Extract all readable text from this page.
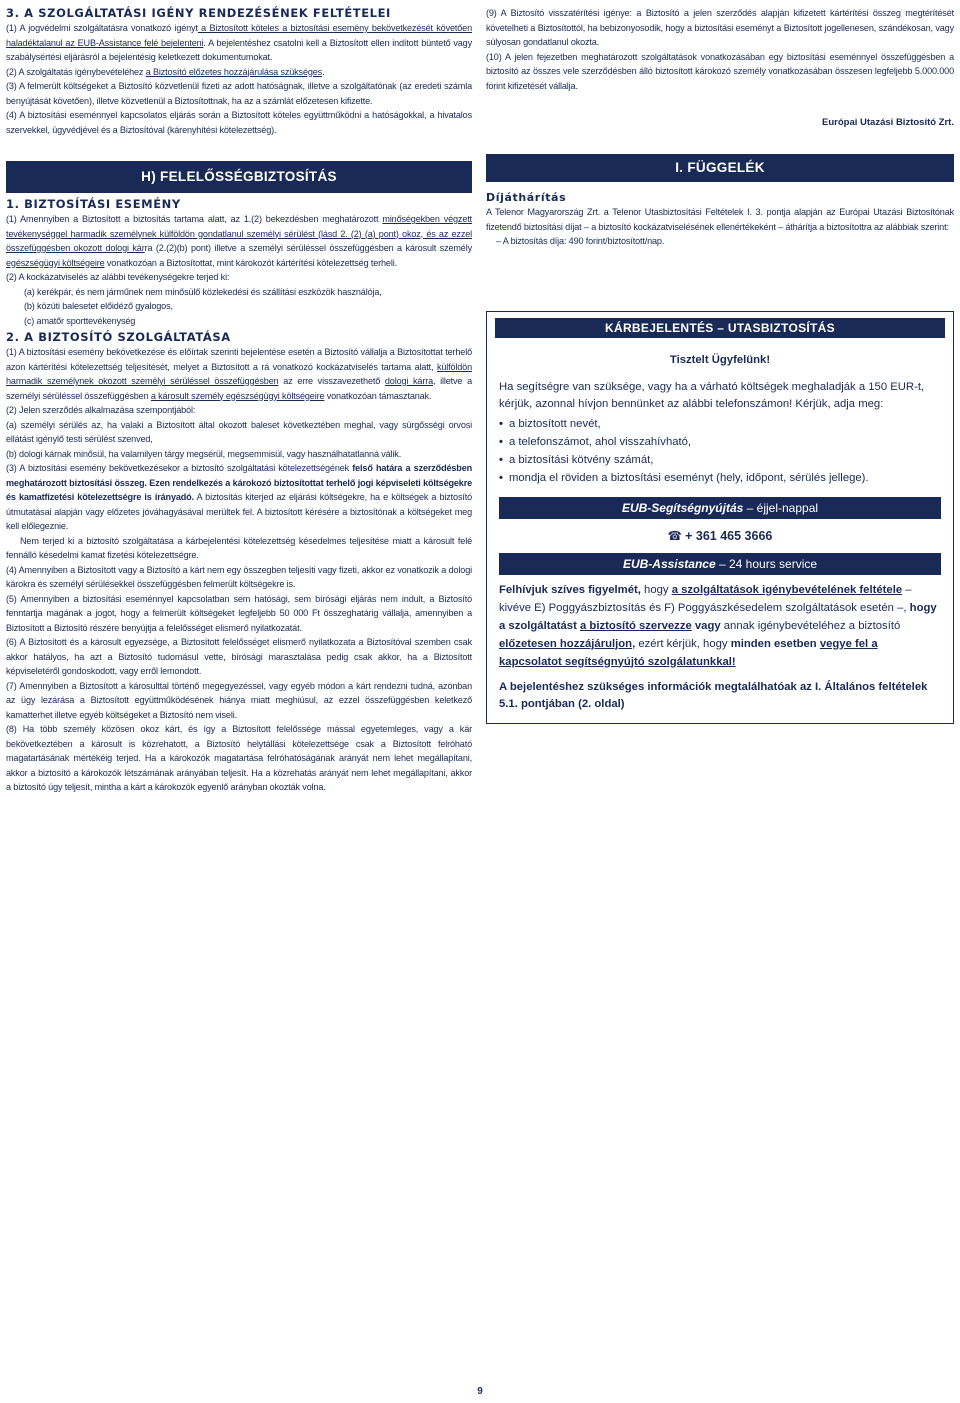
3. A SZOLGÁLTATÁSI IGÉNY RENDEZÉSÉNEK FELTÉTELEI

(1) A jogvédelmi szolgáltatásra vonatkozó igényt a Biztosított köteles a biztosítási esemény bekövetkezését követően haladéktalanul az EUB-Assistance felé bejelenteni. A bejelentéshez csatolni kell a Biztosított ellen indított büntető vagy szabálysértési eljárásról a bejelentésig keletkezett dokumentumokat.

(2) A szolgáltatás igénybevételéhez a Biztosító előzetes hozzájárulása szükséges.

(3) A felmerült költségeket a Biztosító közvetlenül fizeti az adott hatóságnak, illetve a szolgáltatónak (az eredeti számla benyújtását követően), illetve közvetlenül a Biztosítottnak, ha az a számlát előzetesen kifizette.

(4) A biztosítási eseménnyel kapcsolatos eljárás során a Biztosított köteles együttműködni a hatóságokkal, a hivatalos szervekkel, ügyvédjével és a Biztosítóval (kárenyhítési kötelezettség).

H) FELELŐSSÉGBIZTOSÍTÁS
1. BIZTOSÍTÁSI ESEMÉNY

(1) Amennyiben a Biztosított a biztosítás tartama alatt, az 1.(2) bekezdésben meghatározott minőségekben végzett tevékenységgel harmadik személynek külföldön gondatlanul személyi sérülést (lásd 2. (2) (a) pont) okoz, és az ezzel összefüggésben okozott dologi kárra (2.(2)(b) pont) illetve a személyi sérüléssel összefüggésben a károsult személy egészségügyi költségeire vonatkozóan a Biztosítottat, mint károkozót kártérítési kötelezettség terheli.

(2) A kockázatviselés az alábbi tevékenységekre terjed ki:

(a) kerékpár, és nem járműnek nem minősülő közlekedési és szállítási eszközök használója,

(b) közúti balesetet előidéző gyalogos,

(c) amatőr sporttevékenység

2. A BIZTOSÍTÓ SZOLGÁLTATÁSA

(1) A biztosítási esemény bekövetkezése és előírtak szerinti bejelentése esetén a Biztosító vállalja a Biztosítottat terhelő azon kártérítési kötelezettség teljesítését, melyet a Biztosított a rá vonatkozó kockázatviselés tartama alatt, külföldön harmadik személynek okozott személyi sérüléssel összefüggésben az erre visszavezethető dologi kárra, illetve a személyi sérüléssel összefüggésben a károsult személy egészségügyi költségeire vonatkozóan támasztanak.

(2) Jelen szerződés alkalmazása szempontjából:

(a) személyi sérülés az, ha valaki a Biztosított által okozott baleset következtében meghal, vagy sürgősségi orvosi ellátást igénylő testi sérülést szenved,

(b) dologi kárnak minősül, ha valamilyen tárgy megsérül, megsemmisül, vagy használhatatlanná válik.

(3) A biztosítási esemény bekövetkezésekor a biztosító szolgáltatási kötelezettségének felső határa a szerződésben meghatározott biztosítási összeg. Ezen rendelkezés a károkozó biztosítottat terhelő jogi képviseleti költségekre és kamatfizetési kötelezettségre is irányadó. A biztosítás kiterjed az eljárási költségekre, ha e költségek a biztosító útmutatásai alapján vagy előzetes jóváhagyásával merültek fel. A biztosított kérésére a biztosítónak a költségeket meg kell előlegeznie.

Nem terjed ki a biztosító szolgáltatása a kárbejelentési kötelezettség késedelmes teljesítése miatt a károsult felé fennálló késedelmi kamat fizetési kötelezettségre.

(4) Amennyiben a Biztosított vagy a Biztosító a kárt nem egy összegben teljesíti vagy fizeti, akkor ez vonatkozik a dologi károkra és személyi sérülésekkel összefüggésben felmerült költségekre is.

(5) Amennyiben a biztosítási eseménnyel kapcsolatban sem hatósági, sem bírósági eljárás nem indult, a Biztosító fenntartja magának a jogot, hogy a felmerült költségeket legfeljebb 50 000 Ft összeghatárig vállalja, amennyiben a Biztosított a Biztosító részére benyújtja a felelősséget elismerő nyilatkozatát.

(6) A Biztosított és a károsult egyezsége, a Biztosított felelősséget elismerő nyilatkozata a Biztosítóval szemben csak akkor hatályos, ha azt a Biztosító tudomásul vette, bírósági marasztalása pedig csak akkor, ha a Biztosított képviseletéről gondoskodott, vagy erről lemondott.

(7) Amennyiben a Biztosított a károsulttal történő megegyezéssel, vagy egyéb módon a kárt rendezni tudná, azonban az ügy lezárása a Biztosított együttműködésének hiánya miatt meghiúsul, az ezzel összefüggésben keletkező kamatterhet illetve egyéb költségeket a Biztosító nem viseli.

(8) Ha több személy közösen okoz kárt, és így a Biztosított felelőssége mással egyetemleges, vagy a kár bekövetkeztében a károsult is közrehatott, a Biztosító helytállási kötelezettsége csak a Biztosított felróható magatartásának mértékéig terjed. Ha a károkozók magatartása felróhatóságának arányát nem lehet megállapítani, akkor a biztosító a károkozók létszámának arányában teljesít. Ha a közrehatás arányát nem lehet megállapítani, akkor a biztosító úgy teljesít, mintha a kárt a károkozók egyenlő arányban okozták volna.

(9) A Biztosító visszatérítési igénye: a Biztosító a jelen szerződés alapján kifizetett kártérítési összeg megtérítését követelheti a Biztosítottól, ha bebizonyosodik, hogy a biztosítási eseményt a Biztosított jogellenesen, szándékosan, vagy súlyosan gondatlanul okozta.

(10) A jelen fejezetben meghatározott szolgáltatások vonatkozásában egy biztosítási eseménnyel összefüggésben a biztosító az összes vele szerződésben álló biztosított károkozó személy vonatkozásában összesen legfeljebb 5.000.000 forint kifizetését vállalja.

Európai Utazási Biztosító Zrt.
I. FÜGGELÉK
Díjáthárítás

A Telenor Magyarország Zrt. a Telenor Utasbiztosítási Feltételek I. 3. pontja alapján az Európai Utazási Biztosítónak fizetendő biztosítási díjat – a biztosító kockázatviselésének ellenértékeként – áthárítja a biztosítottra az alábbiak szerint:

– A biztosítás díja: 490 forint/biztosított/nap.

KÁRBEJELENTÉS – UTASBIZTOSÍTÁS
Tisztelt Ügyfelünk!

Ha segítségre van szüksége, vagy ha a várható költségek meghaladják a 150 EUR-t, kérjük, azonnal hívjon bennünket az alábbi telefonszámon! Kérjük, adja meg:

• a biztosított nevét,
• a telefonszámot, ahol visszahívható,
• a biztosítási kötvény számát,
• mondja el röviden a biztosítási eseményt (hely, időpont, sérülés jellege).
EUB-Segítségnyújtás – éjjel-nappal
☎ + 361 465 3666
EUB-Assistance – 24 hours service

Felhívjuk szíves figyelmét, hogy a szolgáltatások igénybevételének feltétele – kivéve E) Poggyászbiztosítás és F) Poggyászkésedelem szolgáltatások esetén –, hogy a szolgáltatást a biztosító szervezze vagy annak igénybevételéhez a biztosító előzetesen hozzájáruljon, ezért kérjük, hogy minden esetben vegye fel a kapcsolatot segítségnyújtó szolgálatunkkal!

A bejelentéshez szükséges információk megtalálhatóak az I. Általános feltételek 5.1. pontjában (2. oldal)

9
